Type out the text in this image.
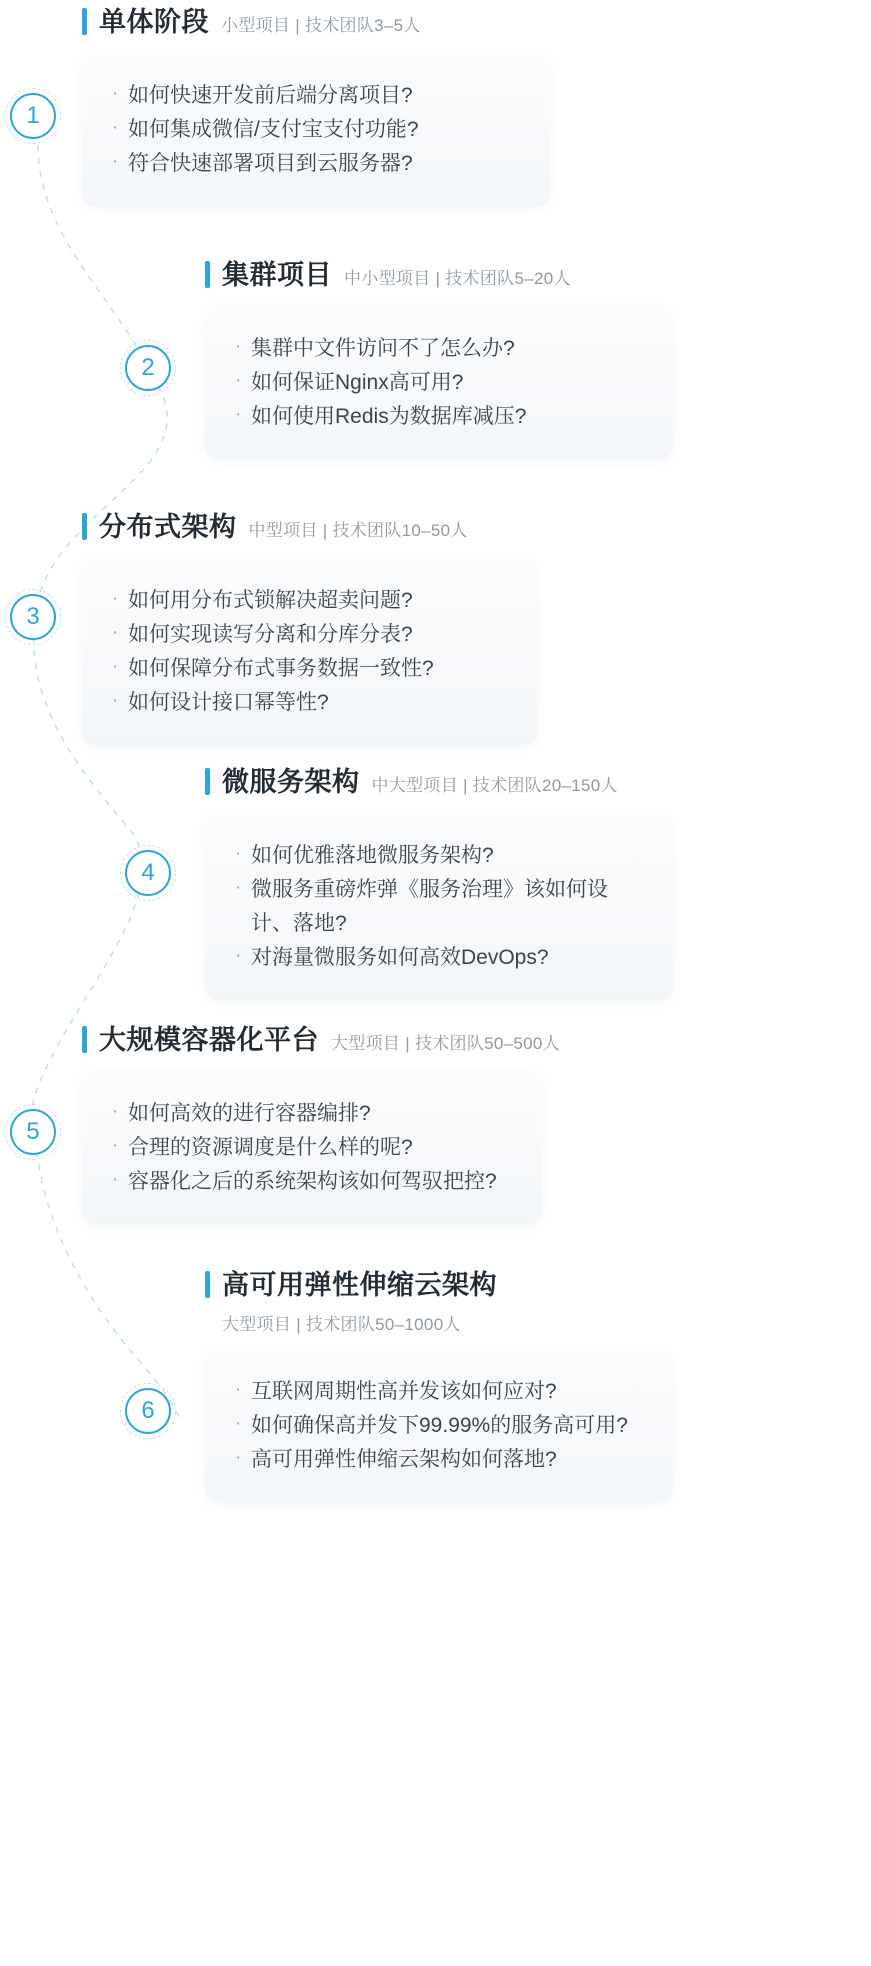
1
单体阶段 小型项目 | 技术团队3–5人
· 如何快速开发前后端分离项目?
· 如何集成微信/支付宝支付功能?
· 符合快速部署项目到云服务器?
2
集群项目 中小型项目 | 技术团队5–20人
· 集群中文件访问不了怎么办?
· 如何保证Nginx高可用?
· 如何使用Redis为数据库减压?
3
分布式架构 中型项目 | 技术团队10–50人
· 如何用分布式锁解决超卖问题?
· 如何实现读写分离和分库分表?
· 如何保障分布式事务数据一致性?
· 如何设计接口幂等性?
4
微服务架构 中大型项目 | 技术团队20–150人
· 如何优雅落地微服务架构?
· 微服务重磅炸弹《服务治理》该如何设计、落地?
· 对海量微服务如何高效DevOps?
5
大规模容器化平台 大型项目 | 技术团队50–500人
· 如何高效的进行容器编排?
· 合理的资源调度是什么样的呢?
· 容器化之后的系统架构该如何驾驭把控?
6
高可用弹性伸缩云架构
大型项目 | 技术团队50–1000人
· 互联网周期性高并发该如何应对?
· 如何确保高并发下99.99%的服务高可用?
· 高可用弹性伸缩云架构如何落地?
